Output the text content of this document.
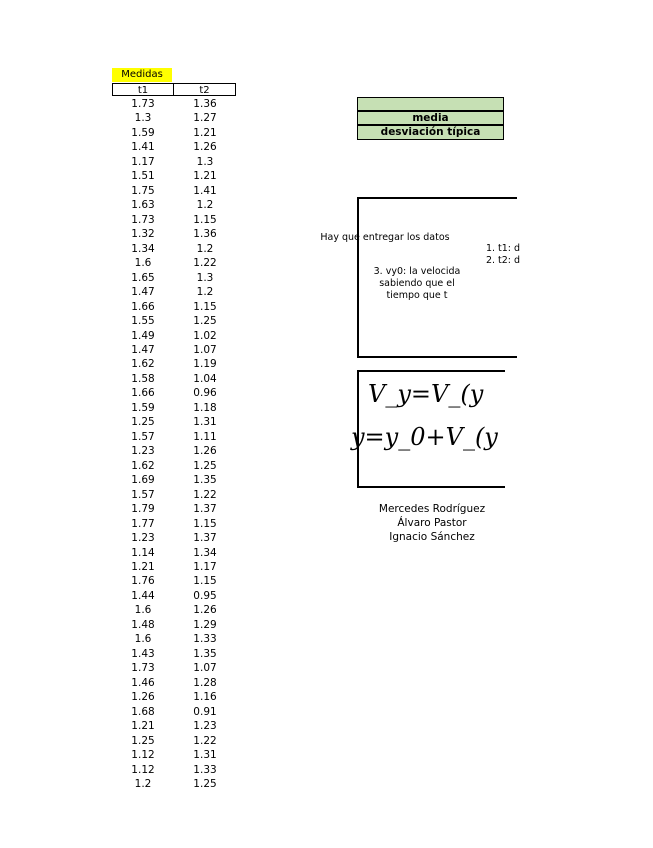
Medidas
t1	t2
1.73	1.36
1.3	1.27
1.59	1.21
1.41	1.26
1.17	1.3
1.51	1.21
1.75	1.41
1.63	1.2
1.73	1.15
1.32	1.36
1.34	1.2
1.6	1.22
1.65	1.3
1.47	1.2
1.66	1.15
1.55	1.25
1.49	1.02
1.47	1.07
1.62	1.19
1.58	1.04
1.66	0.96
1.59	1.18
1.25	1.31
1.57	1.11
1.23	1.26
1.62	1.25
1.69	1.35
1.57	1.22
1.79	1.37
1.77	1.15
1.23	1.37
1.14	1.34
1.21	1.17
1.76	1.15
1.44	0.95
1.6	1.26
1.48	1.29
1.6	1.33
1.43	1.35
1.73	1.07
1.46	1.28
1.26	1.16
1.68	0.91
1.21	1.23
1.25	1.22
1.12	1.31
1.12	1.33
1.2	1.25
media
desviación típica
Hay que entregar los datos
1. t1: d
2. t2: d
3. vy0: la velocida
sabiendo que el
tiempo que t
V_y=V_(y
y=y_0+V_(y
Mercedes Rodríguez
Álvaro Pastor
Ignacio Sánchez
